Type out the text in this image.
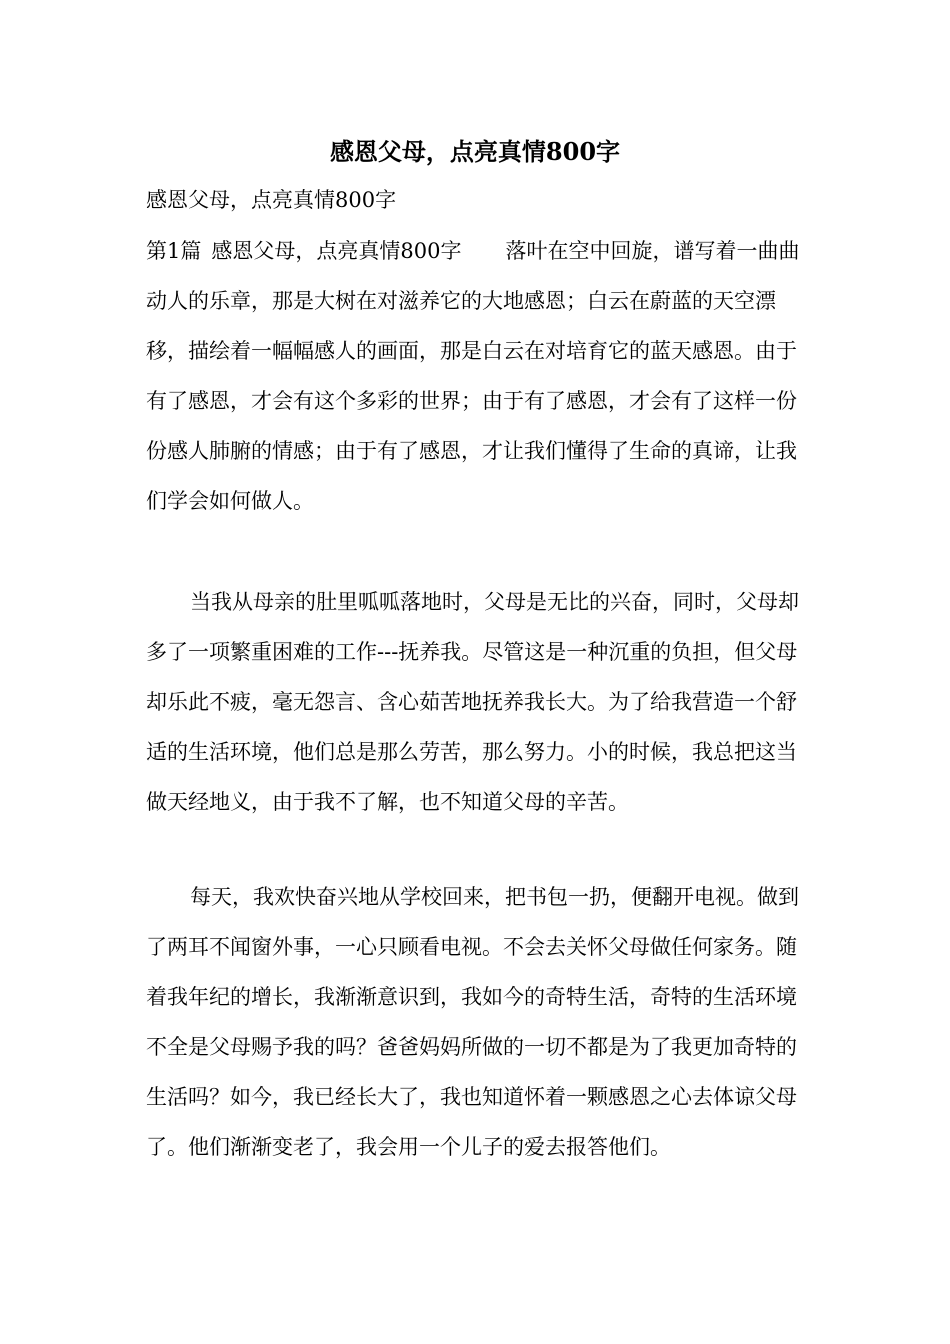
感恩父母，点亮真情800字

感恩父母，点亮真情800字

第1篇 感恩父母，点亮真情800字 落叶在空中回旋，谱写着一曲曲动人的乐章，那是大树在对滋养它的大地感恩；白云在蔚蓝的天空漂移，描绘着一幅幅感人的画面，那是白云在对培育它的蓝天感恩。由于有了感恩，才会有这个多彩的世界；由于有了感恩，才会有了这样一份份感人肺腑的情感；由于有了感恩，才让我们懂得了生命的真谛，让我们学会如何做人。

当我从母亲的肚里呱呱落地时，父母是无比的兴奋，同时，父母却多了一项繁重困难的工作---抚养我。尽管这是一种沉重的负担，但父母却乐此不疲，毫无怨言、含心茹苦地抚养我长大。为了给我营造一个舒适的生活环境，他们总是那么劳苦，那么努力。小的时候，我总把这当做天经地义，由于我不了解，也不知道父母的辛苦。

每天，我欢快奋兴地从学校回来，把书包一扔，便翻开电视。做到了两耳不闻窗外事，一心只顾看电视。不会去关怀父母做任何家务。随着我年纪的增长，我渐渐意识到，我如今的奇特生活，奇特的生活环境不全是父母赐予我的吗？爸爸妈妈所做的一切不都是为了我更加奇特的生活吗？如今，我已经长大了，我也知道怀着一颗感恩之心去体谅父母了。他们渐渐变老了，我会用一个儿子的爱去报答他们。
